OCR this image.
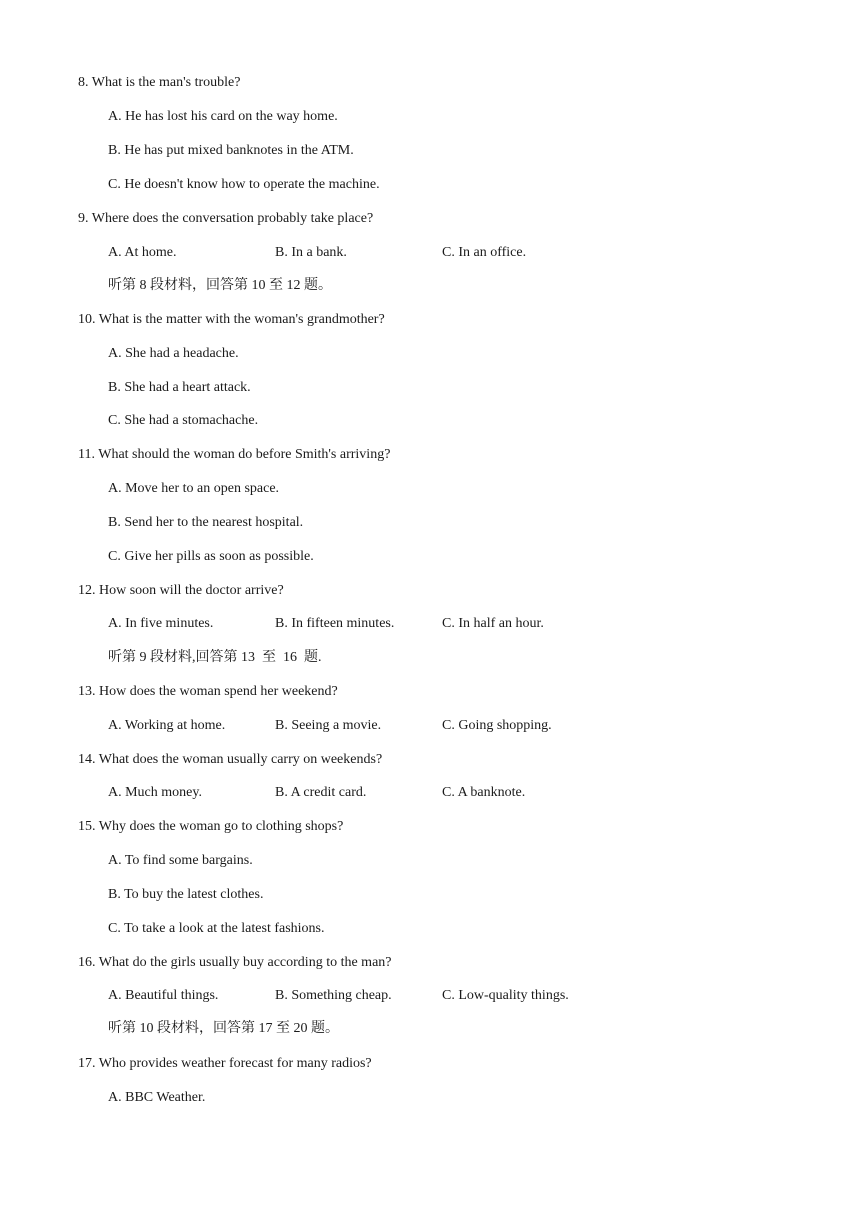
8. What is the man's trouble?
A. He has lost his card on the way home.
B. He has put mixed banknotes in the ATM.
C. He doesn't know how to operate the machine.
9. Where does the conversation probably take place?
A. At home.	B. In a bank.	C. In an office.
听第 8 段材料，回答第 10 至 12 题。
10. What is the matter with the woman's grandmother?
A. She had a headache.
B. She had a heart attack.
C. She had a stomachache.
11. What should the woman do before Smith's arriving?
A. Move her to an open space.
B. Send her to the nearest hospital.
C. Give her pills as soon as possible.
12. How soon will the doctor arrive?
A. In five minutes.	B. In fifteen minutes.	C. In half an hour.
听第 9 段材料,回答第 13  至  16  题.
13. How does the woman spend her weekend?
A. Working at home.	B. Seeing a movie.	C. Going shopping.
14. What does the woman usually carry on weekends?
A. Much money.	B. A credit card.	C. A banknote.
15. Why does the woman go to clothing shops?
A. To find some bargains.
B. To buy the latest clothes.
C. To take a look at the latest fashions.
16. What do the girls usually buy according to the man?
A. Beautiful things.	B. Something cheap.	C. Low-quality things.
听第 10 段材料，回答第 17 至 20 题。
17. Who provides weather forecast for many radios?
A. BBC Weather.
